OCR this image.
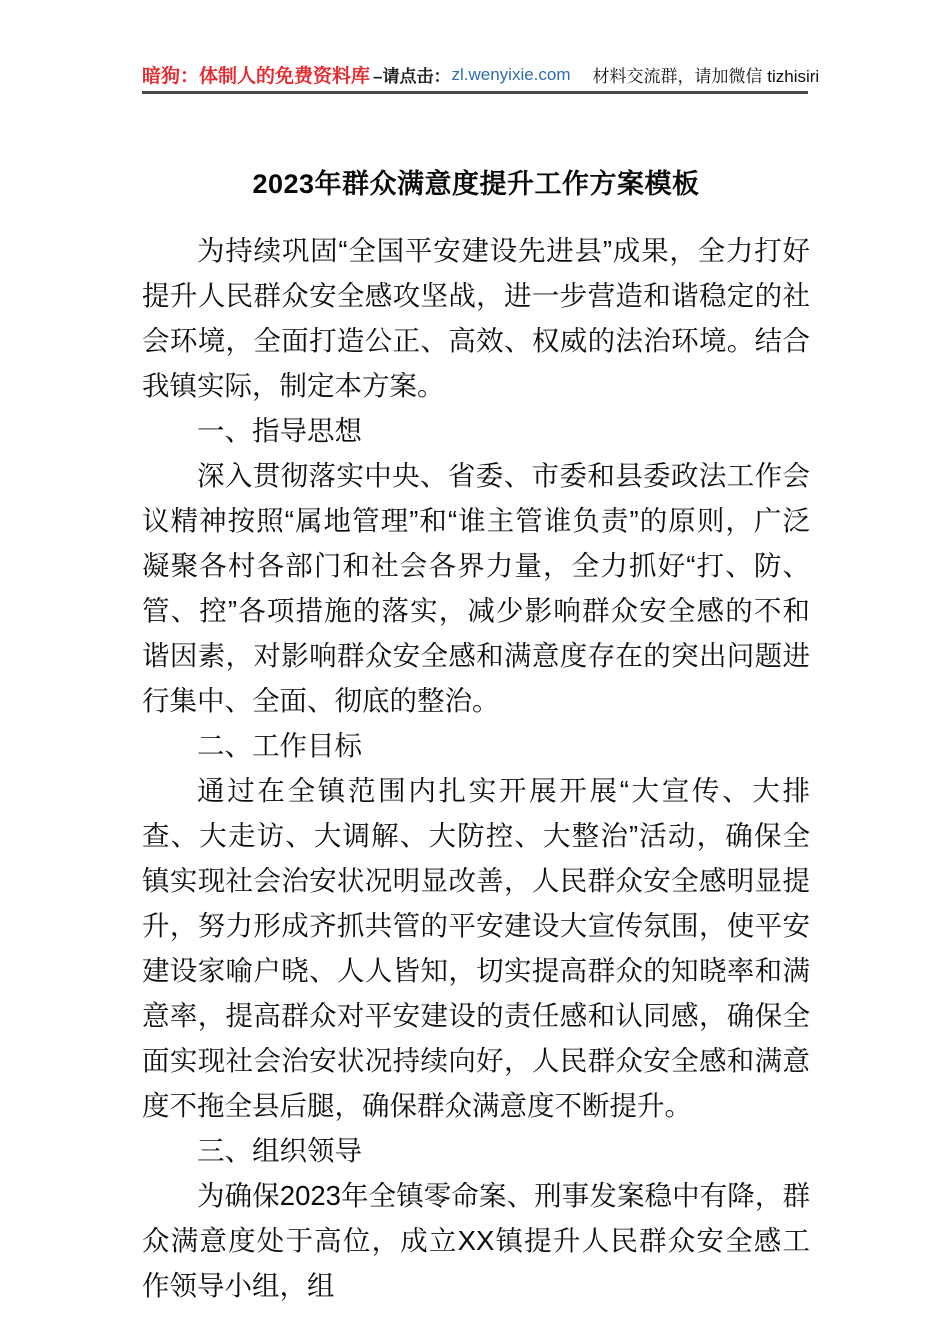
暗狗：体制人的免费资料库 –请点击： zl.wenyixie.com 材料交流群，请加微信 tizhisiri
2023年群众满意度提升工作方案模板

为持续巩固“全国平安建设先进县”成果，全力打好提升人民群众安全感攻坚战，进一步营造和谐稳定的社会环境，全面打造公正、高效、权威的法治环境。结合我镇实际，制定本方案。

一、指导思想

深入贯彻落实中央、省委、市委和县委政法工作会议精神按照“属地管理”和“谁主管谁负责”的原则，广泛凝聚各村各部门和社会各界力量，全力抓好“打、防、管、控”各项措施的落实，减少影响群众安全感的不和谐因素，对影响群众安全感和满意度存在的突出问题进行集中、全面、彻底的整治。

二、工作目标

通过在全镇范围内扎实开展开展“大宣传、大排查、大走访、大调解、大防控、大整治”活动，确保全镇实现社会治安状况明显改善，人民群众安全感明显提升，努力形成齐抓共管的平安建设大宣传氛围，使平安建设家喻户晓、人人皆知，切实提高群众的知晓率和满意率，提高群众对平安建设的责任感和认同感，确保全面实现社会治安状况持续向好，人民群众安全感和满意度不拖全县后腿，确保群众满意度不断提升。

三、组织领导

为确保2023年全镇零命案、刑事发案稳中有降，群众满意度处于高位，成立XX镇提升人民群众安全感工作领导小组，组
